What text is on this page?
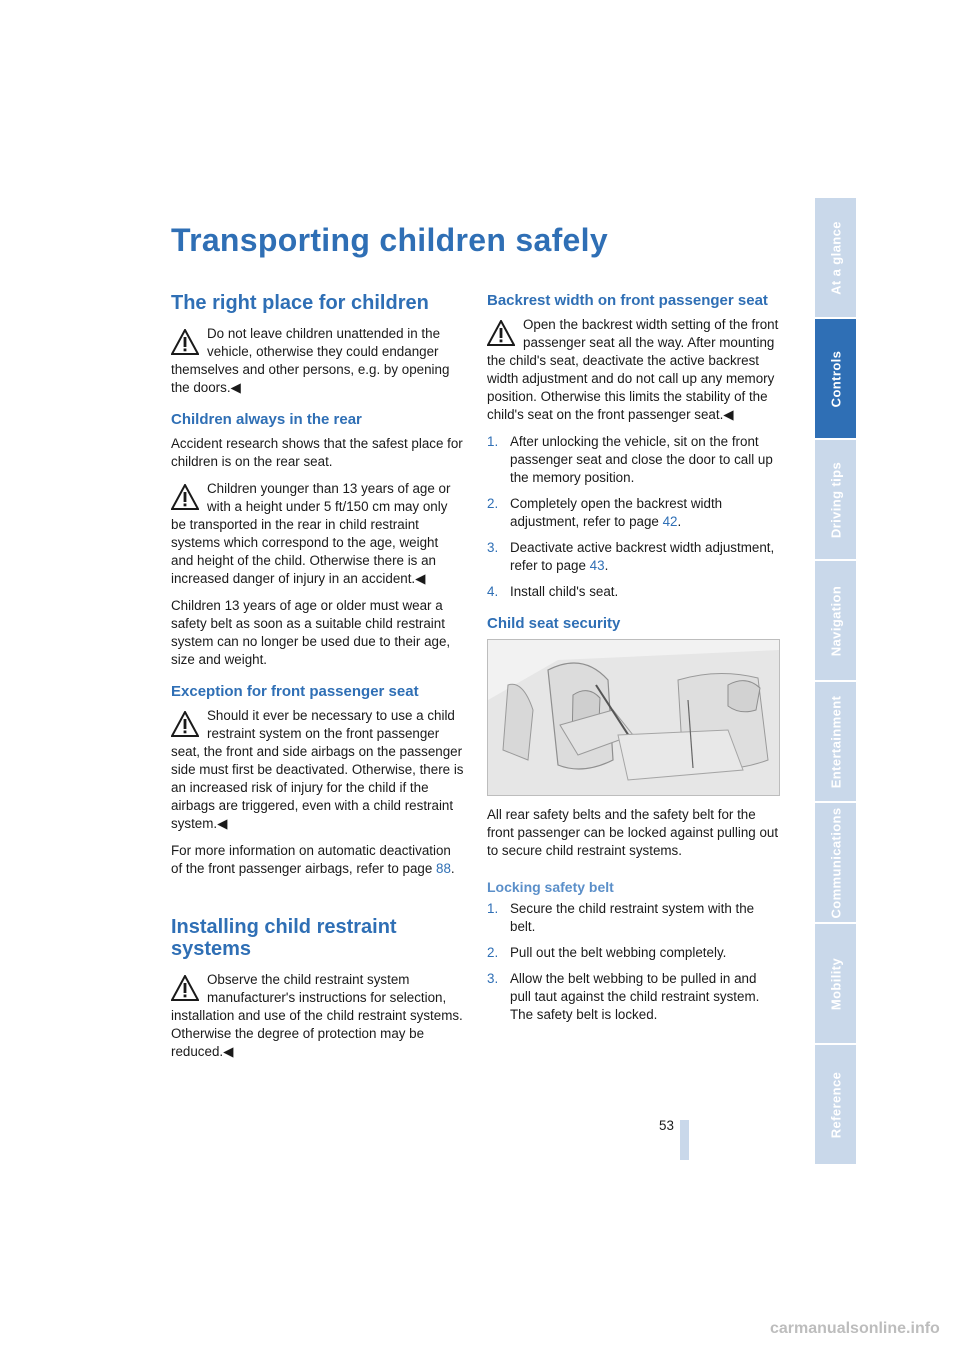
Transporting children safely
The right place for children

Do not leave children unattended in the vehicle, otherwise they could endanger themselves and other persons, e.g. by opening the doors.◀

Children always in the rear

Accident research shows that the safest place for children is on the rear seat.

Children younger than 13 years of age or with a height under 5 ft/150 cm may only be transported in the rear in child restraint systems which correspond to the age, weight and height of the child. Otherwise there is an increased danger of injury in an accident.◀

Children 13 years of age or older must wear a safety belt as soon as a suitable child restraint system can no longer be used due to their age, size and weight.

Exception for front passenger seat

Should it ever be necessary to use a child restraint system on the front passenger seat, the front and side airbags on the passenger side must first be deactivated. Otherwise, there is an increased risk of injury for the child if the airbags are triggered, even with a child restraint system.◀

For more information on automatic deactivation of the front passenger airbags, refer to page 88.

Installing child restraint systems

Observe the child restraint system manufacturer's instructions for selection, installation and use of the child restraint systems. Otherwise the degree of protection may be reduced.◀

Backrest width on front passenger seat

Open the backrest width setting of the front passenger seat all the way. After mounting the child's seat, deactivate the active backrest width adjustment and do not call up any memory position. Otherwise this limits the stability of the child's seat on the front passenger seat.◀

1. After unlocking the vehicle, sit on the front passenger seat and close the door to call up the memory position.
2. Completely open the backrest width adjustment, refer to page 42.
3. Deactivate active backrest width adjustment, refer to page 43.
4. Install child's seat.
Child seat security

All rear safety belts and the safety belt for the front passenger can be locked against pulling out to secure child restraint systems.

Locking safety belt
1. Secure the child restraint system with the belt.
2. Pull out the belt webbing completely.
3. Allow the belt webbing to be pulled in and pull taut against the child restraint system. The safety belt is locked.
At a glance
Controls
Driving tips
Navigation
Entertainment
Communications
Mobility
Reference
53
carmanualsonline.info
